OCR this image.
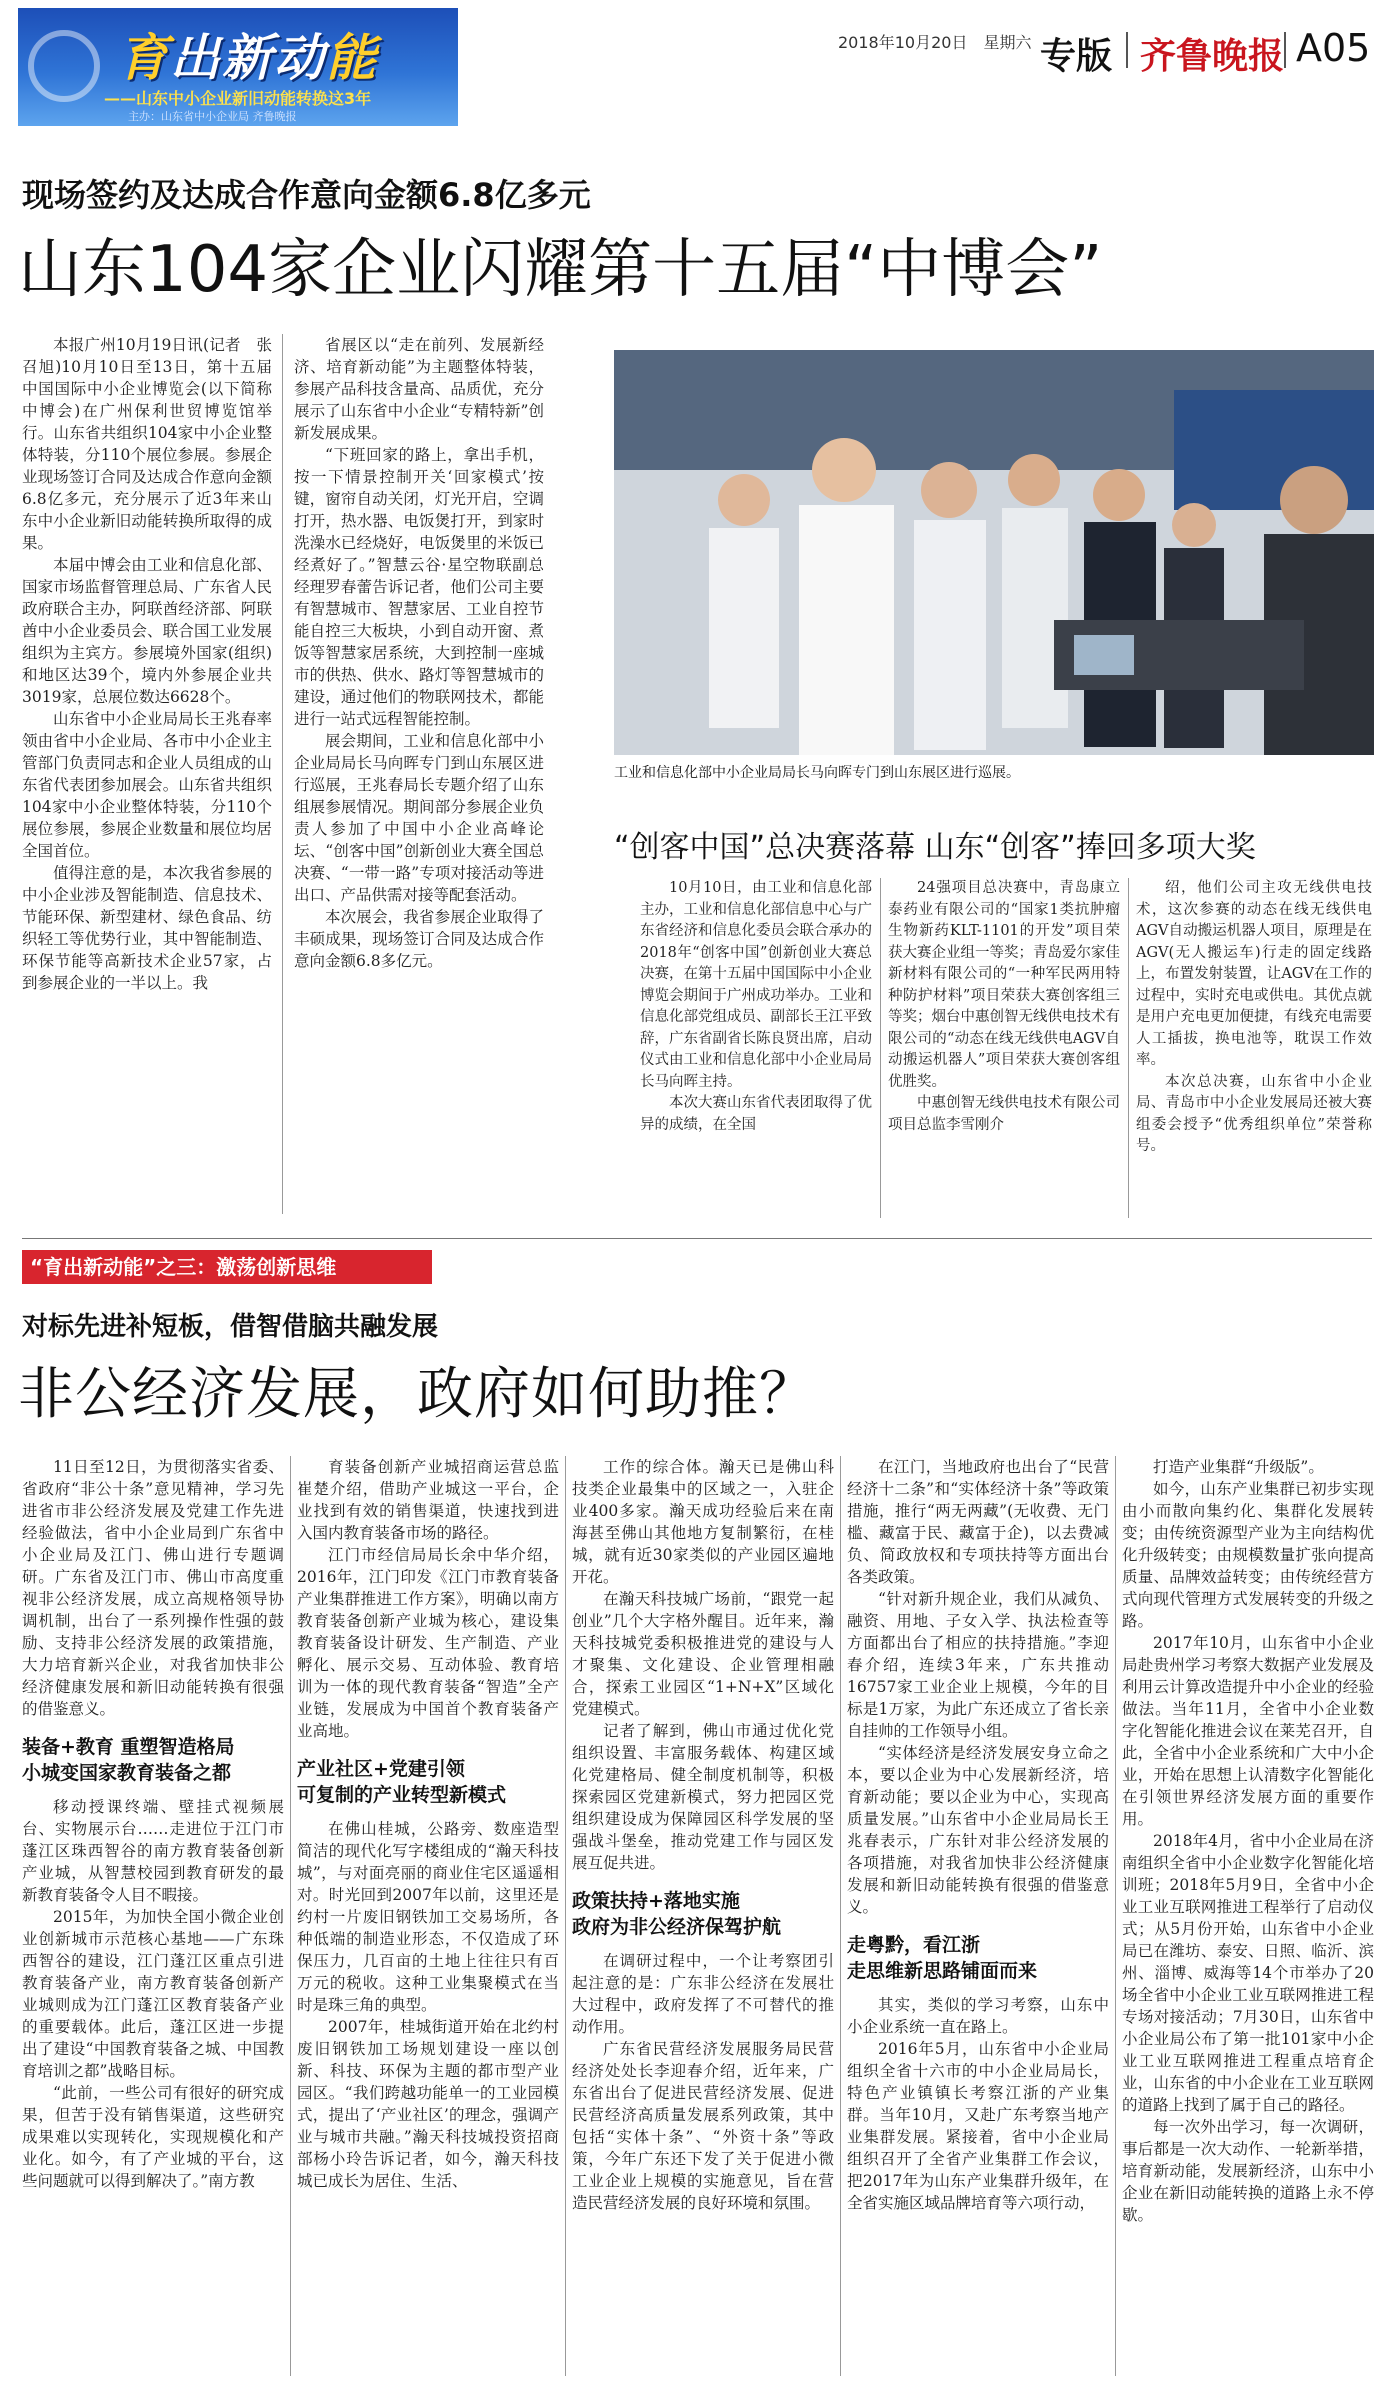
育出新动能
——山东中小企业新旧动能转换这3年
主办：山东省中小企业局 齐鲁晚报
2018年10月20日　星期六 专版 齐鲁晚报 A05
现场签约及达成合作意向金额6.8亿多元
山东104家企业闪耀第十五届“中博会”

本报广州10月19日讯(记者　张召旭)10月10日至13日，第十五届中国国际中小企业博览会(以下简称中博会)在广州保利世贸博览馆举行。山东省共组织104家中小企业整体特装，分110个展位参展。参展企业现场签订合同及达成合作意向金额6.8亿多元，充分展示了近3年来山东中小企业新旧动能转换所取得的成果。

本届中博会由工业和信息化部、国家市场监督管理总局、广东省人民政府联合主办，阿联酋经济部、阿联酋中小企业委员会、联合国工业发展组织为主宾方。参展境外国家(组织)和地区达39个，境内外参展企业共3019家，总展位数达6628个。

山东省中小企业局局长王兆春率领由省中小企业局、各市中小企业主管部门负责同志和企业人员组成的山东省代表团参加展会。山东省共组织104家中小企业整体特装，分110个展位参展，参展企业数量和展位均居全国首位。

值得注意的是，本次我省参展的中小企业涉及智能制造、信息技术、节能环保、新型建材、绿色食品、纺织轻工等优势行业，其中智能制造、环保节能等高新技术企业57家，占到参展企业的一半以上。我

省展区以“走在前列、发展新经济、培育新动能”为主题整体特装，参展产品科技含量高、品质优，充分展示了山东省中小企业“专精特新”创新发展成果。

“下班回家的路上，拿出手机，按一下情景控制开关‘回家模式’按键，窗帘自动关闭，灯光开启，空调打开，热水器、电饭煲打开，到家时洗澡水已经烧好，电饭煲里的米饭已经煮好了。”智慧云谷·星空物联副总经理罗春蕾告诉记者，他们公司主要有智慧城市、智慧家居、工业自控节能自控三大板块，小到自动开窗、煮饭等智慧家居系统，大到控制一座城市的供热、供水、路灯等智慧城市的建设，通过他们的物联网技术，都能进行一站式远程智能控制。

展会期间，工业和信息化部中小企业局局长马向晖专门到山东展区进行巡展，王兆春局长专题介绍了山东组展参展情况。期间部分参展企业负责人参加了中国中小企业高峰论坛、“创客中国”创新创业大赛全国总决赛、“一带一路”专项对接活动等进出口、产品供需对接等配套活动。

本次展会，我省参展企业取得了丰硕成果，现场签订合同及达成合作意向金额6.8多亿元。

工业和信息化部中小企业局局长马向晖专门到山东展区进行巡展。
“创客中国”总决赛落幕 山东“创客”捧回多项大奖

10月10日，由工业和信息化部主办，工业和信息化部信息中心与广东省经济和信息化委员会联合承办的2018年“创客中国”创新创业大赛总决赛，在第十五届中国国际中小企业博览会期间于广州成功举办。工业和信息化部党组成员、副部长王江平致辞，广东省副省长陈良贤出席，启动仪式由工业和信息化部中小企业局局长马向晖主持。

本次大赛山东省代表团取得了优异的成绩，在全国

24强项目总决赛中，青岛康立泰药业有限公司的“国家1类抗肿瘤生物新药KLT-1101的开发”项目荣获大赛企业组一等奖；青岛爱尔家佳新材料有限公司的“一种军民两用特种防护材料”项目荣获大赛创客组三等奖；烟台中惠创智无线供电技术有限公司的“动态在线无线供电AGV自动搬运机器人”项目荣获大赛创客组优胜奖。

中惠创智无线供电技术有限公司项目总监李雪刚介

绍，他们公司主攻无线供电技术，这次参赛的动态在线无线供电AGV自动搬运机器人项目，原理是在AGV(无人搬运车)行走的固定线路上，布置发射装置，让AGV在工作的过程中，实时充电或供电。其优点就是用户充电更加便捷，有线充电需要人工插拔，换电池等，耽误工作效率。

本次总决赛，山东省中小企业局、青岛市中小企业发展局还被大赛组委会授予“优秀组织单位”荣誉称号。

“育出新动能”之三：激荡创新思维
对标先进补短板，借智借脑共融发展
非公经济发展，政府如何助推？

11日至12日，为贯彻落实省委、省政府“非公十条”意见精神，学习先进省市非公经济发展及党建工作先进经验做法，省中小企业局到广东省中小企业局及江门、佛山进行专题调研。广东省及江门市、佛山市高度重视非公经济发展，成立高规格领导协调机制，出台了一系列操作性强的鼓励、支持非公经济发展的政策措施，大力培育新兴企业，对我省加快非公经济健康发展和新旧动能转换有很强的借鉴意义。

装备+教育 重塑智造格局
小城变国家教育装备之都

移动授课终端、壁挂式视频展台、实物展示台……走进位于江门市蓬江区珠西智谷的南方教育装备创新产业城，从智慧校园到教育研发的最新教育装备令人目不暇接。

2015年，为加快全国小微企业创业创新城市示范核心基地——广东珠西智谷的建设，江门蓬江区重点引进教育装备产业，南方教育装备创新产业城则成为江门蓬江区教育装备产业的重要载体。此后，蓬江区进一步提出了建设“中国教育装备之城、中国教育培训之都”战略目标。

“此前，一些公司有很好的研究成果，但苦于没有销售渠道，这些研究成果难以实现转化，实现规模化和产业化。如今，有了产业城的平台，这些问题就可以得到解决了。”南方教

育装备创新产业城招商运营总监崔楚介绍，借助产业城这一平台，企业找到有效的销售渠道，快速找到进入国内教育装备市场的路径。

江门市经信局局长余中华介绍，2016年，江门印发《江门市教育装备产业集群推进工作方案》，明确以南方教育装备创新产业城为核心，建设集教育装备设计研发、生产制造、产业孵化、展示交易、互动体验、教育培训为一体的现代教育装备“智造”全产业链，发展成为中国首个教育装备产业高地。

产业社区+党建引领
可复制的产业转型新模式

在佛山桂城，公路旁、数座造型简洁的现代化写字楼组成的“瀚天科技城”，与对面亮丽的商业住宅区遥遥相对。时光回到2007年以前，这里还是约村一片废旧钢铁加工交易场所，各种低端的制造业形态，不仅造成了环保压力，几百亩的土地上往往只有百万元的税收。这种工业集聚模式在当时是珠三角的典型。

2007年，桂城街道开始在北约村废旧钢铁加工场规划建设一座以创新、科技、环保为主题的都市型产业园区。“我们跨越功能单一的工业园模式，提出了‘产业社区’的理念，强调产业与城市共融。”瀚天科技城投资招商部杨小玲告诉记者，如今，瀚天科技城已成长为居住、生活、

工作的综合体。瀚天已是佛山科技类企业最集中的区域之一，入驻企业400多家。瀚天成功经验后来在南海甚至佛山其他地方复制繁衍，在桂城，就有近30家类似的产业园区遍地开花。

在瀚天科技城广场前，“跟党一起创业”几个大字格外醒目。近年来，瀚天科技城党委积极推进党的建设与人才聚集、文化建设、企业管理相融合，探索工业园区“1+N+X”区域化党建模式。

记者了解到，佛山市通过优化党组织设置、丰富服务载体、构建区域化党建格局、健全制度机制等，积极探索园区党建新模式，努力把园区党组织建设成为保障园区科学发展的坚强战斗堡垒，推动党建工作与园区发展互促共进。

政策扶持+落地实施
政府为非公经济保驾护航

在调研过程中，一个让考察团引起注意的是：广东非公经济在发展壮大过程中，政府发挥了不可替代的推动作用。

广东省民营经济发展服务局民营经济处处长李迎春介绍，近年来，广东省出台了促进民营经济发展、促进民营经济高质量发展系列政策，其中包括“实体十条”、“外资十条”等政策，今年广东还下发了关于促进小微工业企业上规模的实施意见，旨在营造民营经济发展的良好环境和氛围。

在江门，当地政府也出台了“民营经济十二条”和“实体经济十条”等政策措施，推行“两无两藏”(无收费、无门槛、藏富于民、藏富于企)，以去费减负、简政放权和专项扶持等方面出台各类政策。

“针对新升规企业，我们从减负、融资、用地、子女入学、执法检查等方面都出台了相应的扶持措施。”李迎春介绍，连续3年来，广东共推动16757家工业企业上规模，今年的目标是1万家，为此广东还成立了省长亲自挂帅的工作领导小组。

“实体经济是经济发展安身立命之本，要以企业为中心发展新经济，培育新动能；要以企业为中心，实现高质量发展。”山东省中小企业局局长王兆春表示，广东针对非公经济发展的各项措施，对我省加快非公经济健康发展和新旧动能转换有很强的借鉴意义。

走粤黔，看江浙
走思维新思路铺面而来

其实，类似的学习考察，山东中小企业系统一直在路上。

2016年5月，山东省中小企业局组织全省十六市的中小企业局局长，特色产业镇镇长考察江浙的产业集群。当年10月，又赴广东考察当地产业集群发展。紧接着，省中小企业局组织召开了全省产业集群工作会议，把2017年为山东产业集群升级年，在全省实施区域品牌培育等六项行动，

打造产业集群“升级版”。

如今，山东产业集群已初步实现由小而散向集约化、集群化发展转变；由传统资源型产业为主向结构优化升级转变；由规模数量扩张向提高质量、品牌效益转变；由传统经营方式向现代管理方式发展转变的升级之路。

2017年10月，山东省中小企业局赴贵州学习考察大数据产业发展及利用云计算改造提升中小企业的经验做法。当年11月，全省中小企业数字化智能化推进会议在莱芜召开，自此，全省中小企业系统和广大中小企业，开始在思想上认清数字化智能化在引领世界经济发展方面的重要作用。

2018年4月，省中小企业局在济南组织全省中小企业数字化智能化培训班；2018年5月9日，全省中小企业工业互联网推进工程举行了启动仪式；从5月份开始，山东省中小企业局已在潍坊、泰安、日照、临沂、滨州、淄博、威海等14个市举办了20场全省中小企业工业互联网推进工程专场对接活动；7月30日，山东省中小企业局公布了第一批101家中小企业工业互联网推进工程重点培育企业，山东省的中小企业在工业互联网的道路上找到了属于自己的路径。

每一次外出学习，每一次调研，事后都是一次大动作、一轮新举措，培育新动能，发展新经济，山东中小企业在新旧动能转换的道路上永不停歇。
